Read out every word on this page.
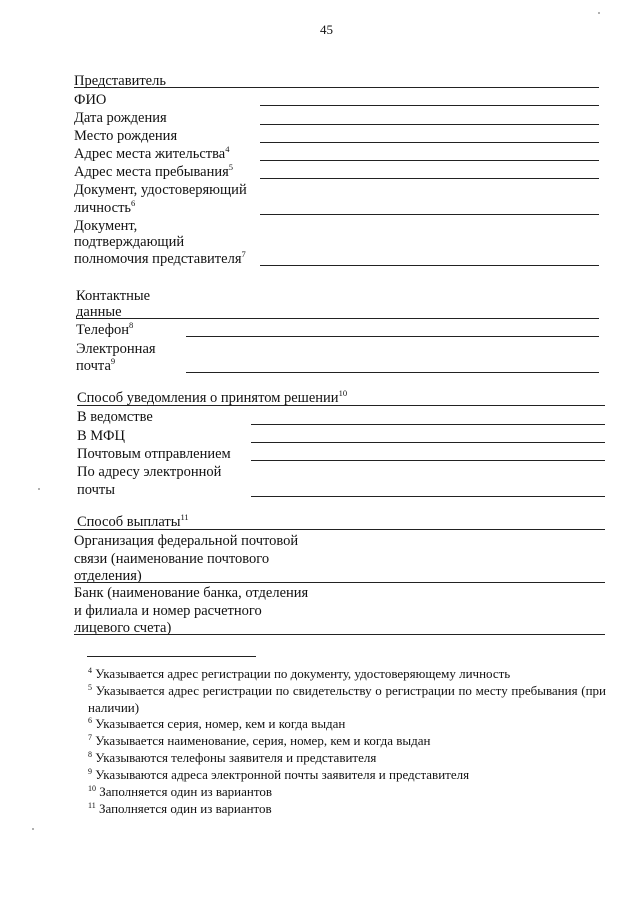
45
Представитель
ФИО
Дата рождения
Место рождения
Адрес места жительства$^4$
Адрес места пребывания$^5$
Документ, удостоверяющий
личность$^6$
Документ,
подтверждающий
полномочия представителя$^7$
Контактные
данные
Телефон$^8$
Электронная
почта$^9$
Способ уведомления о принятом решении$^{10}$
В ведомстве
В МФЦ
Почтовым отправлением
По адресу электронной
почты
Способ выплаты$^{11}$
Организация федеральной почтовой
связи (наименование почтового
отделения)
Банк (наименование банка, отделения
и филиала и номер расчетного
лицевого счета)
$^4$ Указывается адрес регистрации по документу, удостоверяющему личность
$^5$ Указывается адрес регистрации по свидетельству о регистрации по месту пребывания (при наличии)
$^6$ Указывается серия, номер, кем и когда выдан
$^7$ Указывается наименование, серия, номер, кем и когда выдан
$^8$ Указываются телефоны заявителя и представителя
$^9$ Указываются адреса электронной почты заявителя и представителя
$^{10}$ Заполняется один из вариантов
$^{11}$ Заполняется один из вариантов
